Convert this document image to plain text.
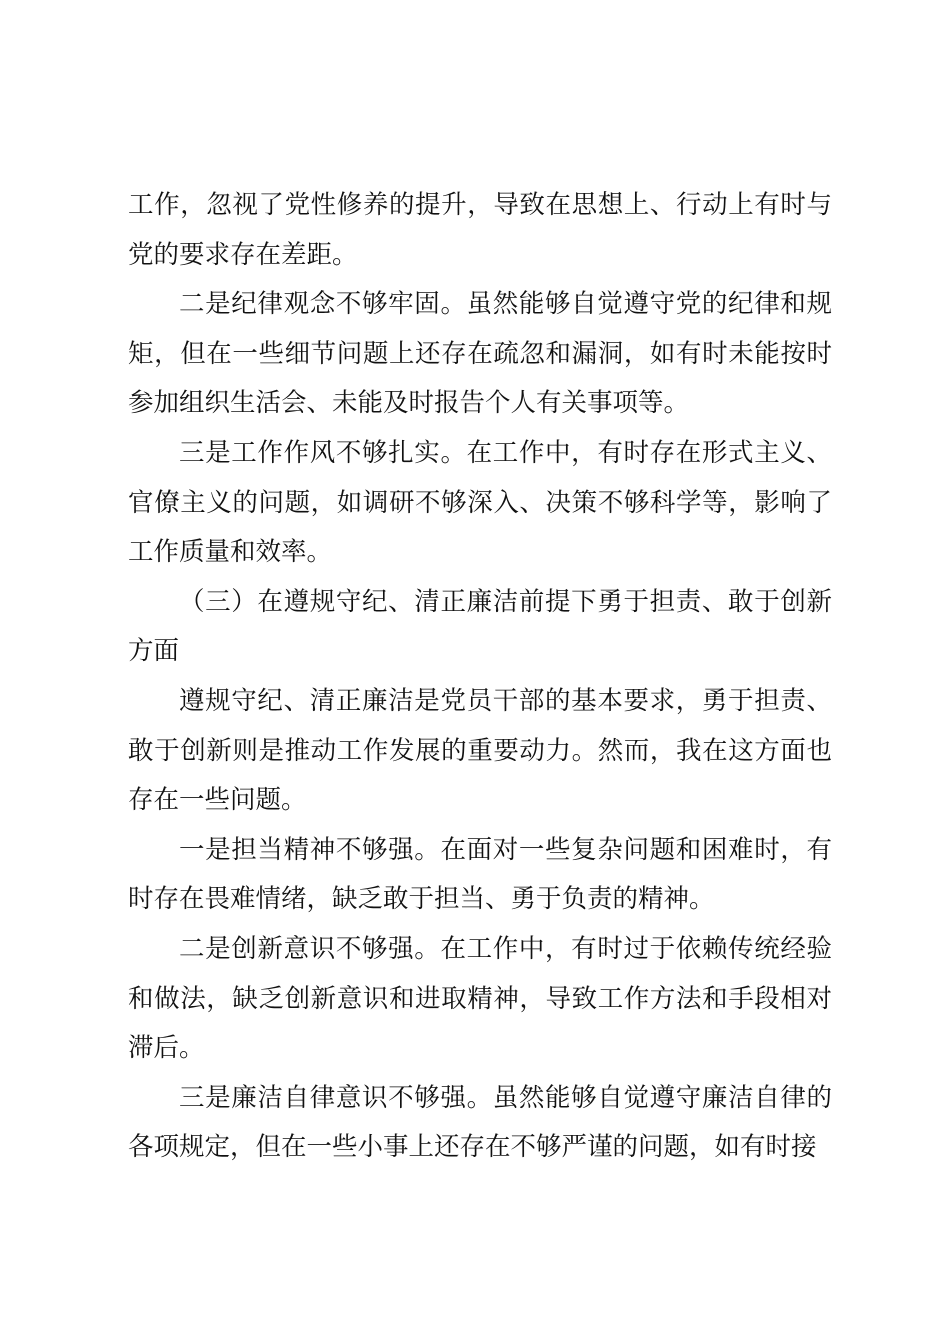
工作，忽视了党性修养的提升，导致在思想上、行动上有时与党的要求存在差距。

二是纪律观念不够牢固。虽然能够自觉遵守党的纪律和规矩，但在一些细节问题上还存在疏忽和漏洞，如有时未能按时参加组织生活会、未能及时报告个人有关事项等。

三是工作作风不够扎实。在工作中，有时存在形式主义、官僚主义的问题，如调研不够深入、决策不够科学等，影响了工作质量和效率。

（三）在遵规守纪、清正廉洁前提下勇于担责、敢于创新方面

遵规守纪、清正廉洁是党员干部的基本要求，勇于担责、敢于创新则是推动工作发展的重要动力。然而，我在这方面也存在一些问题。

一是担当精神不够强。在面对一些复杂问题和困难时，有时存在畏难情绪，缺乏敢于担当、勇于负责的精神。

二是创新意识不够强。在工作中，有时过于依赖传统经验和做法，缺乏创新意识和进取精神，导致工作方法和手段相对滞后。

三是廉洁自律意识不够强。虽然能够自觉遵守廉洁自律的各项规定，但在一些小事上还存在不够严谨的问题，如有时接
